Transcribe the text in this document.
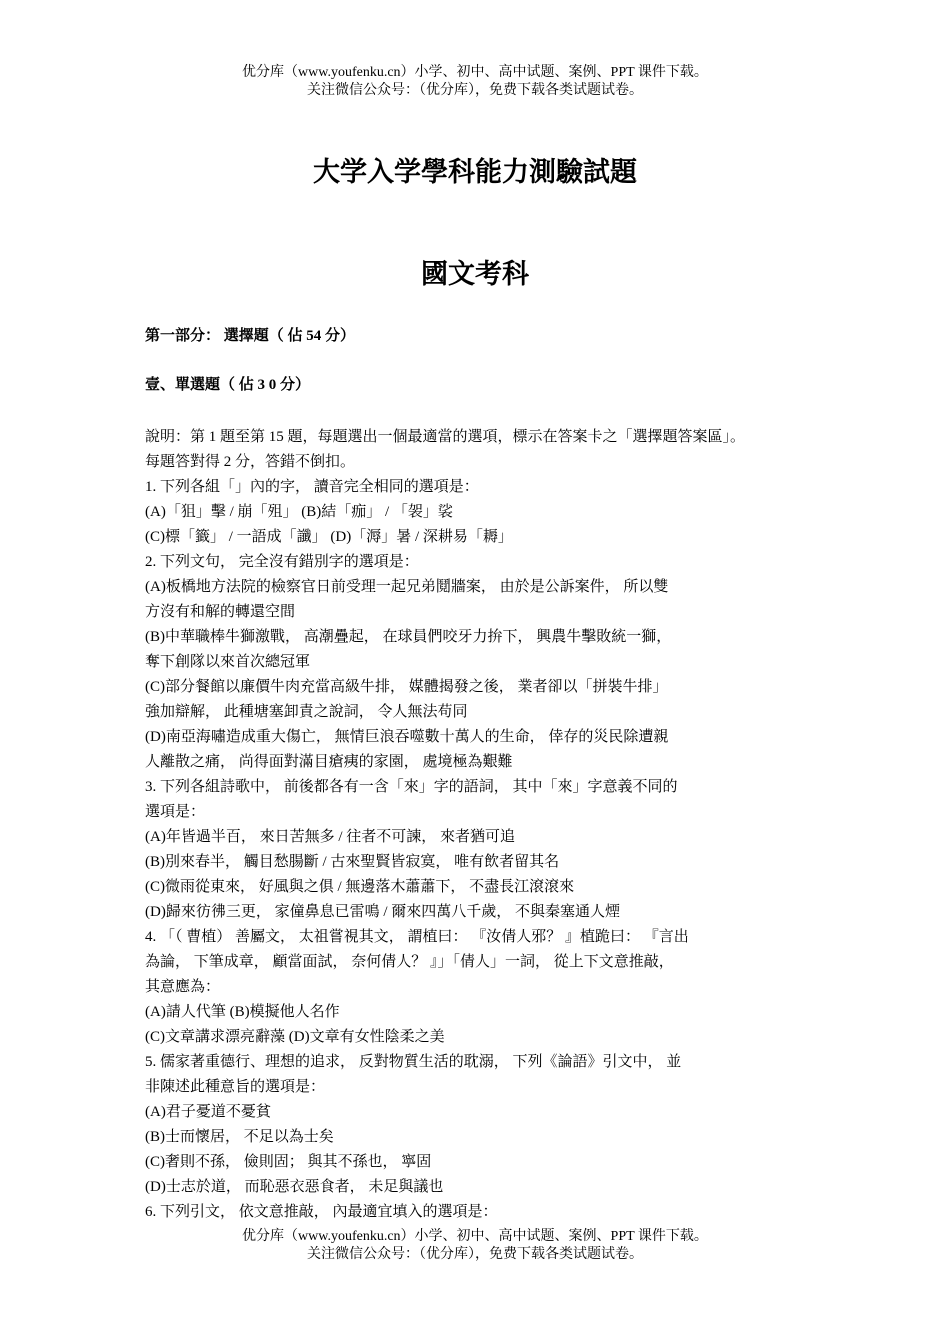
优分库（www.youfenku.cn）小学、初中、高中试题、案例、PPT 课件下载。
关注微信公众号：（优分库），免费下载各类试题试卷。
大学入学學科能力測驗試題
國文考科
第一部分： 選擇題（ 佔 54 分）
壹、單選題（ 佔 3 0 分）
說明：第 1 題至第 15 題，每題選出一個最適當的選項，標示在答案卡之「選擇題答案區」。
每題答對得 2 分，答錯不倒扣。
1. 下列各組「」內的字， 讀音完全相同的選項是：
(A)「狙」擊 / 崩「殂」 (B)結「痂」 / 「袈」裟
(C)標「籤」 / 一語成「讖」 (D)「溽」暑 / 深耕易「耨」
2. 下列文句， 完全沒有錯別字的選項是：
(A)板橋地方法院的檢察官日前受理一起兄弟鬩牆案， 由於是公訴案件， 所以雙
方沒有和解的轉還空間
(B)中華職棒牛獅激戰， 高潮疊起， 在球員們咬牙力拚下， 興農牛擊敗統一獅，
奪下創隊以來首次總冠軍
(C)部分餐館以廉價牛肉充當高級牛排， 媒體揭發之後， 業者卻以「拼裝牛排」
強加辯解， 此種塘塞卸責之說詞， 令人無法苟同
(D)南亞海嘯造成重大傷亡， 無情巨浪吞噬數十萬人的生命， 倖存的災民除遭親
人離散之痛， 尚得面對滿目瘡痍的家園， 處境極為艱難
3. 下列各組詩歌中， 前後都各有一含「來」字的語詞， 其中「來」字意義不同的
選項是：
(A)年皆過半百， 來日苦無多 / 往者不可諫， 來者猶可追
(B)別來春半， 觸目愁腸斷 / 古來聖賢皆寂寞， 唯有飲者留其名
(C)微雨從東來， 好風與之俱 / 無邊落木蕭蕭下， 不盡長江滾滾來
(D)歸來彷彿三更， 家僮鼻息已雷鳴 / 爾來四萬八千歲， 不與秦塞通人煙
4. 「（ 曹植） 善屬文， 太祖嘗視其文， 謂植曰： 『汝倩人邪？ 』植跪曰： 『言出
為論， 下筆成章， 顧當面試， 奈何倩人？ 』」「倩人」一詞， 從上下文意推敲，
其意應為：
(A)請人代筆 (B)模擬他人名作
(C)文章講求漂亮辭藻 (D)文章有女性陰柔之美
5. 儒家著重德行、理想的追求， 反對物質生活的耽溺， 下列《論語》引文中， 並
非陳述此種意旨的選項是：
(A)君子憂道不憂貧
(B)士而懷居， 不足以為士矣
(C)奢則不孫， 儉則固； 與其不孫也， 寧固
(D)士志於道， 而恥惡衣惡食者， 未足與議也
6. 下列引文， 依文意推敲， 內最適宜填入的選項是：
优分库（www.youfenku.cn）小学、初中、高中试题、案例、PPT 课件下载。
关注微信公众号：（优分库），免费下载各类试题试卷。
